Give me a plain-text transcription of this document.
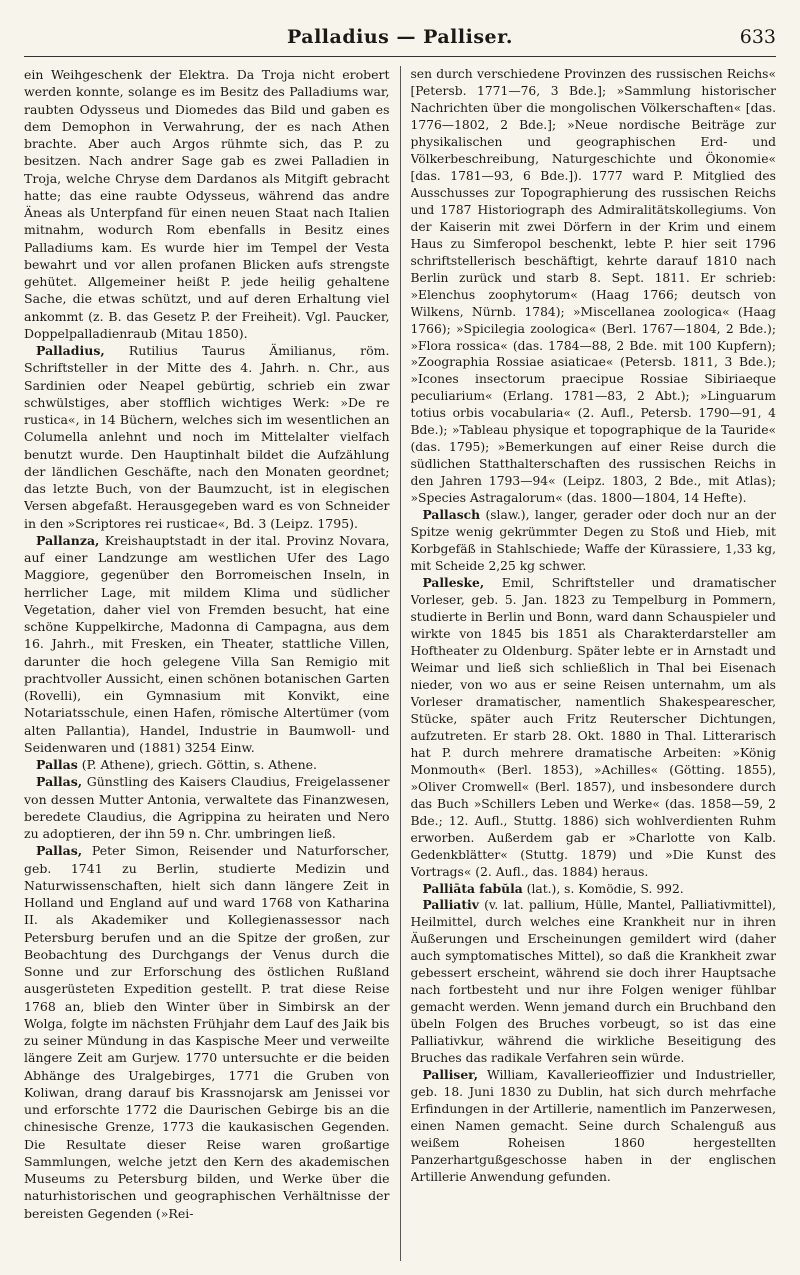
Palladius — Palliser.	633

ein Weihgeschenk der Elektra. Da Troja nicht erobert werden konnte, solange es im Besitz des Palladiums war, raubten Odysseus und Diomedes das Bild und gaben es dem Demophon in Verwahrung, der es nach Athen brachte. Aber auch Argos rühmte sich, das P. zu besitzen. Nach andrer Sage gab es zwei Palladien in Troja, welche Chryse dem Dardanos als Mitgift gebracht hatte; das eine raubte Odysseus, während das andre Äneas als Unterpfand für einen neuen Staat nach Italien mitnahm, wodurch Rom ebenfalls in Besitz eines Palladiums kam. Es wurde hier im Tempel der Vesta bewahrt und vor allen profanen Blicken aufs strengste gehütet. Allgemeiner heißt P. jede heilig gehaltene Sache, die etwas schützt, und auf deren Erhaltung viel ankommt (z. B. das Gesetz P. der Freiheit). Vgl. Paucker, Doppelpalladienraub (Mitau 1850).

Palladius, Rutilius Taurus Ämilianus, röm. Schriftsteller in der Mitte des 4. Jahrh. n. Chr., aus Sardinien oder Neapel gebürtig, schrieb ein zwar schwülstiges, aber stofflich wichtiges Werk: »De re rustica«, in 14 Büchern, welches sich im wesentlichen an Columella anlehnt und noch im Mittelalter vielfach benutzt wurde. Den Hauptinhalt bildet die Aufzählung der ländlichen Geschäfte, nach den Monaten geordnet; das letzte Buch, von der Baumzucht, ist in elegischen Versen abgefaßt. Herausgegeben ward es von Schneider in den »Scriptores rei rusticae«, Bd. 3 (Leipz. 1795).

Pallanza, Kreishauptstadt in der ital. Provinz Novara, auf einer Landzunge am westlichen Ufer des Lago Maggiore, gegenüber den Borromeischen Inseln, in herrlicher Lage, mit mildem Klima und südlicher Vegetation, daher viel von Fremden besucht, hat eine schöne Kuppelkirche, Madonna di Campagna, aus dem 16. Jahrh., mit Fresken, ein Theater, stattliche Villen, darunter die hoch gelegene Villa San Remigio mit prachtvoller Aussicht, einen schönen botanischen Garten (Rovelli), ein Gymnasium mit Konvikt, eine Notariatsschule, einen Hafen, römische Altertümer (vom alten Pallantia), Handel, Industrie in Baumwoll- und Seidenwaren und (1881) 3254 Einw.

Pallas (P. Athene), griech. Göttin, s. Athene.

Pallas, Günstling des Kaisers Claudius, Freigelassener von dessen Mutter Antonia, verwaltete das Finanzwesen, beredete Claudius, die Agrippina zu heiraten und Nero zu adoptieren, der ihn 59 n. Chr. umbringen ließ.

Pallas, Peter Simon, Reisender und Naturforscher, geb. 1741 zu Berlin, studierte Medizin und Naturwissenschaften, hielt sich dann längere Zeit in Holland und England auf und ward 1768 von Katharina II. als Akademiker und Kollegienassessor nach Petersburg berufen und an die Spitze der großen, zur Beobachtung des Durchgangs der Venus durch die Sonne und zur Erforschung des östlichen Rußland ausgerüsteten Expedition gestellt. P. trat diese Reise 1768 an, blieb den Winter über in Simbirsk an der Wolga, folgte im nächsten Frühjahr dem Lauf des Jaik bis zu seiner Mündung in das Kaspische Meer und verweilte längere Zeit am Gurjew. 1770 untersuchte er die beiden Abhänge des Uralgebirges, 1771 die Gruben von Koliwan, drang darauf bis Krassnojarsk am Jenissei vor und erforschte 1772 die Daurischen Gebirge bis an die chinesische Grenze, 1773 die kaukasischen Gegenden. Die Resultate dieser Reise waren großartige Sammlungen, welche jetzt den Kern des akademischen Museums zu Petersburg bilden, und Werke über die naturhistorischen und geographischen Verhältnisse der bereisten Gegenden (»Rei-

sen durch verschiedene Provinzen des russischen Reichs« [Petersb. 1771—76, 3 Bde.]; »Sammlung historischer Nachrichten über die mongolischen Völkerschaften« [das. 1776—1802, 2 Bde.]; »Neue nordische Beiträge zur physikalischen und geographischen Erd- und Völkerbeschreibung, Naturgeschichte und Ökonomie« [das. 1781—93, 6 Bde.]). 1777 ward P. Mitglied des Ausschusses zur Topographierung des russischen Reichs und 1787 Historiograph des Admiralitätskollegiums. Von der Kaiserin mit zwei Dörfern in der Krim und einem Haus zu Simferopol beschenkt, lebte P. hier seit 1796 schriftstellerisch beschäftigt, kehrte darauf 1810 nach Berlin zurück und starb 8. Sept. 1811. Er schrieb: »Elenchus zoophytorum« (Haag 1766; deutsch von Wilkens, Nürnb. 1784); »Miscellanea zoologica« (Haag 1766); »Spicilegia zoologica« (Berl. 1767—1804, 2 Bde.); »Flora rossica« (das. 1784—88, 2 Bde. mit 100 Kupfern); »Zoographia Rossiae asiaticae« (Petersb. 1811, 3 Bde.); »Icones insectorum praecipue Rossiae Sibiriaeque peculiarium« (Erlang. 1781—83, 2 Abt.); »Linguarum totius orbis vocabularia« (2. Aufl., Petersb. 1790—91, 4 Bde.); »Tableau physique et topographique de la Tauride« (das. 1795); »Bemerkungen auf einer Reise durch die südlichen Statthalterschaften des russischen Reichs in den Jahren 1793—94« (Leipz. 1803, 2 Bde., mit Atlas); »Species Astragalorum« (das. 1800—1804, 14 Hefte).

Pallasch (slaw.), langer, gerader oder doch nur an der Spitze wenig gekrümmter Degen zu Stoß und Hieb, mit Korbgefäß in Stahlschiede; Waffe der Kürassiere, 1,33 kg, mit Scheide 2,25 kg schwer.

Palleske, Emil, Schriftsteller und dramatischer Vorleser, geb. 5. Jan. 1823 zu Tempelburg in Pommern, studierte in Berlin und Bonn, ward dann Schauspieler und wirkte von 1845 bis 1851 als Charakterdarsteller am Hoftheater zu Oldenburg. Später lebte er in Arnstadt und Weimar und ließ sich schließlich in Thal bei Eisenach nieder, von wo aus er seine Reisen unternahm, um als Vorleser dramatischer, namentlich Shakespearescher, Stücke, später auch Fritz Reuterscher Dichtungen, aufzutreten. Er starb 28. Okt. 1880 in Thal. Litterarisch hat P. durch mehrere dramatische Arbeiten: »König Monmouth« (Berl. 1853), »Achilles« (Götting. 1855), »Oliver Cromwell« (Berl. 1857), und insbesondere durch das Buch »Schillers Leben und Werke« (das. 1858—59, 2 Bde.; 12. Aufl., Stuttg. 1886) sich wohlverdienten Ruhm erworben. Außerdem gab er »Charlotte von Kalb. Gedenkblätter« (Stuttg. 1879) und »Die Kunst des Vortrags« (2. Aufl., das. 1884) heraus.

Palliāta fabŭla (lat.), s. Komödie, S. 992.

Palliativ (v. lat. pallium, Hülle, Mantel, Palliativmittel), Heilmittel, durch welches eine Krankheit nur in ihren Äußerungen und Erscheinungen gemildert wird (daher auch symptomatisches Mittel), so daß die Krankheit zwar gebessert erscheint, während sie doch ihrer Hauptsache nach fortbesteht und nur ihre Folgen weniger fühlbar gemacht werden. Wenn jemand durch ein Bruchband den übeln Folgen des Bruches vorbeugt, so ist das eine Palliativkur, während die wirkliche Beseitigung des Bruches das radikale Verfahren sein würde.

Palliser, William, Kavallerieoffizier und Industrieller, geb. 18. Juni 1830 zu Dublin, hat sich durch mehrfache Erfindungen in der Artillerie, namentlich im Panzerwesen, einen Namen gemacht. Seine durch Schalenguß aus weißem Roheisen 1860 hergestellten Panzerhartgußgeschosse haben in der englischen Artillerie Anwendung gefunden.
